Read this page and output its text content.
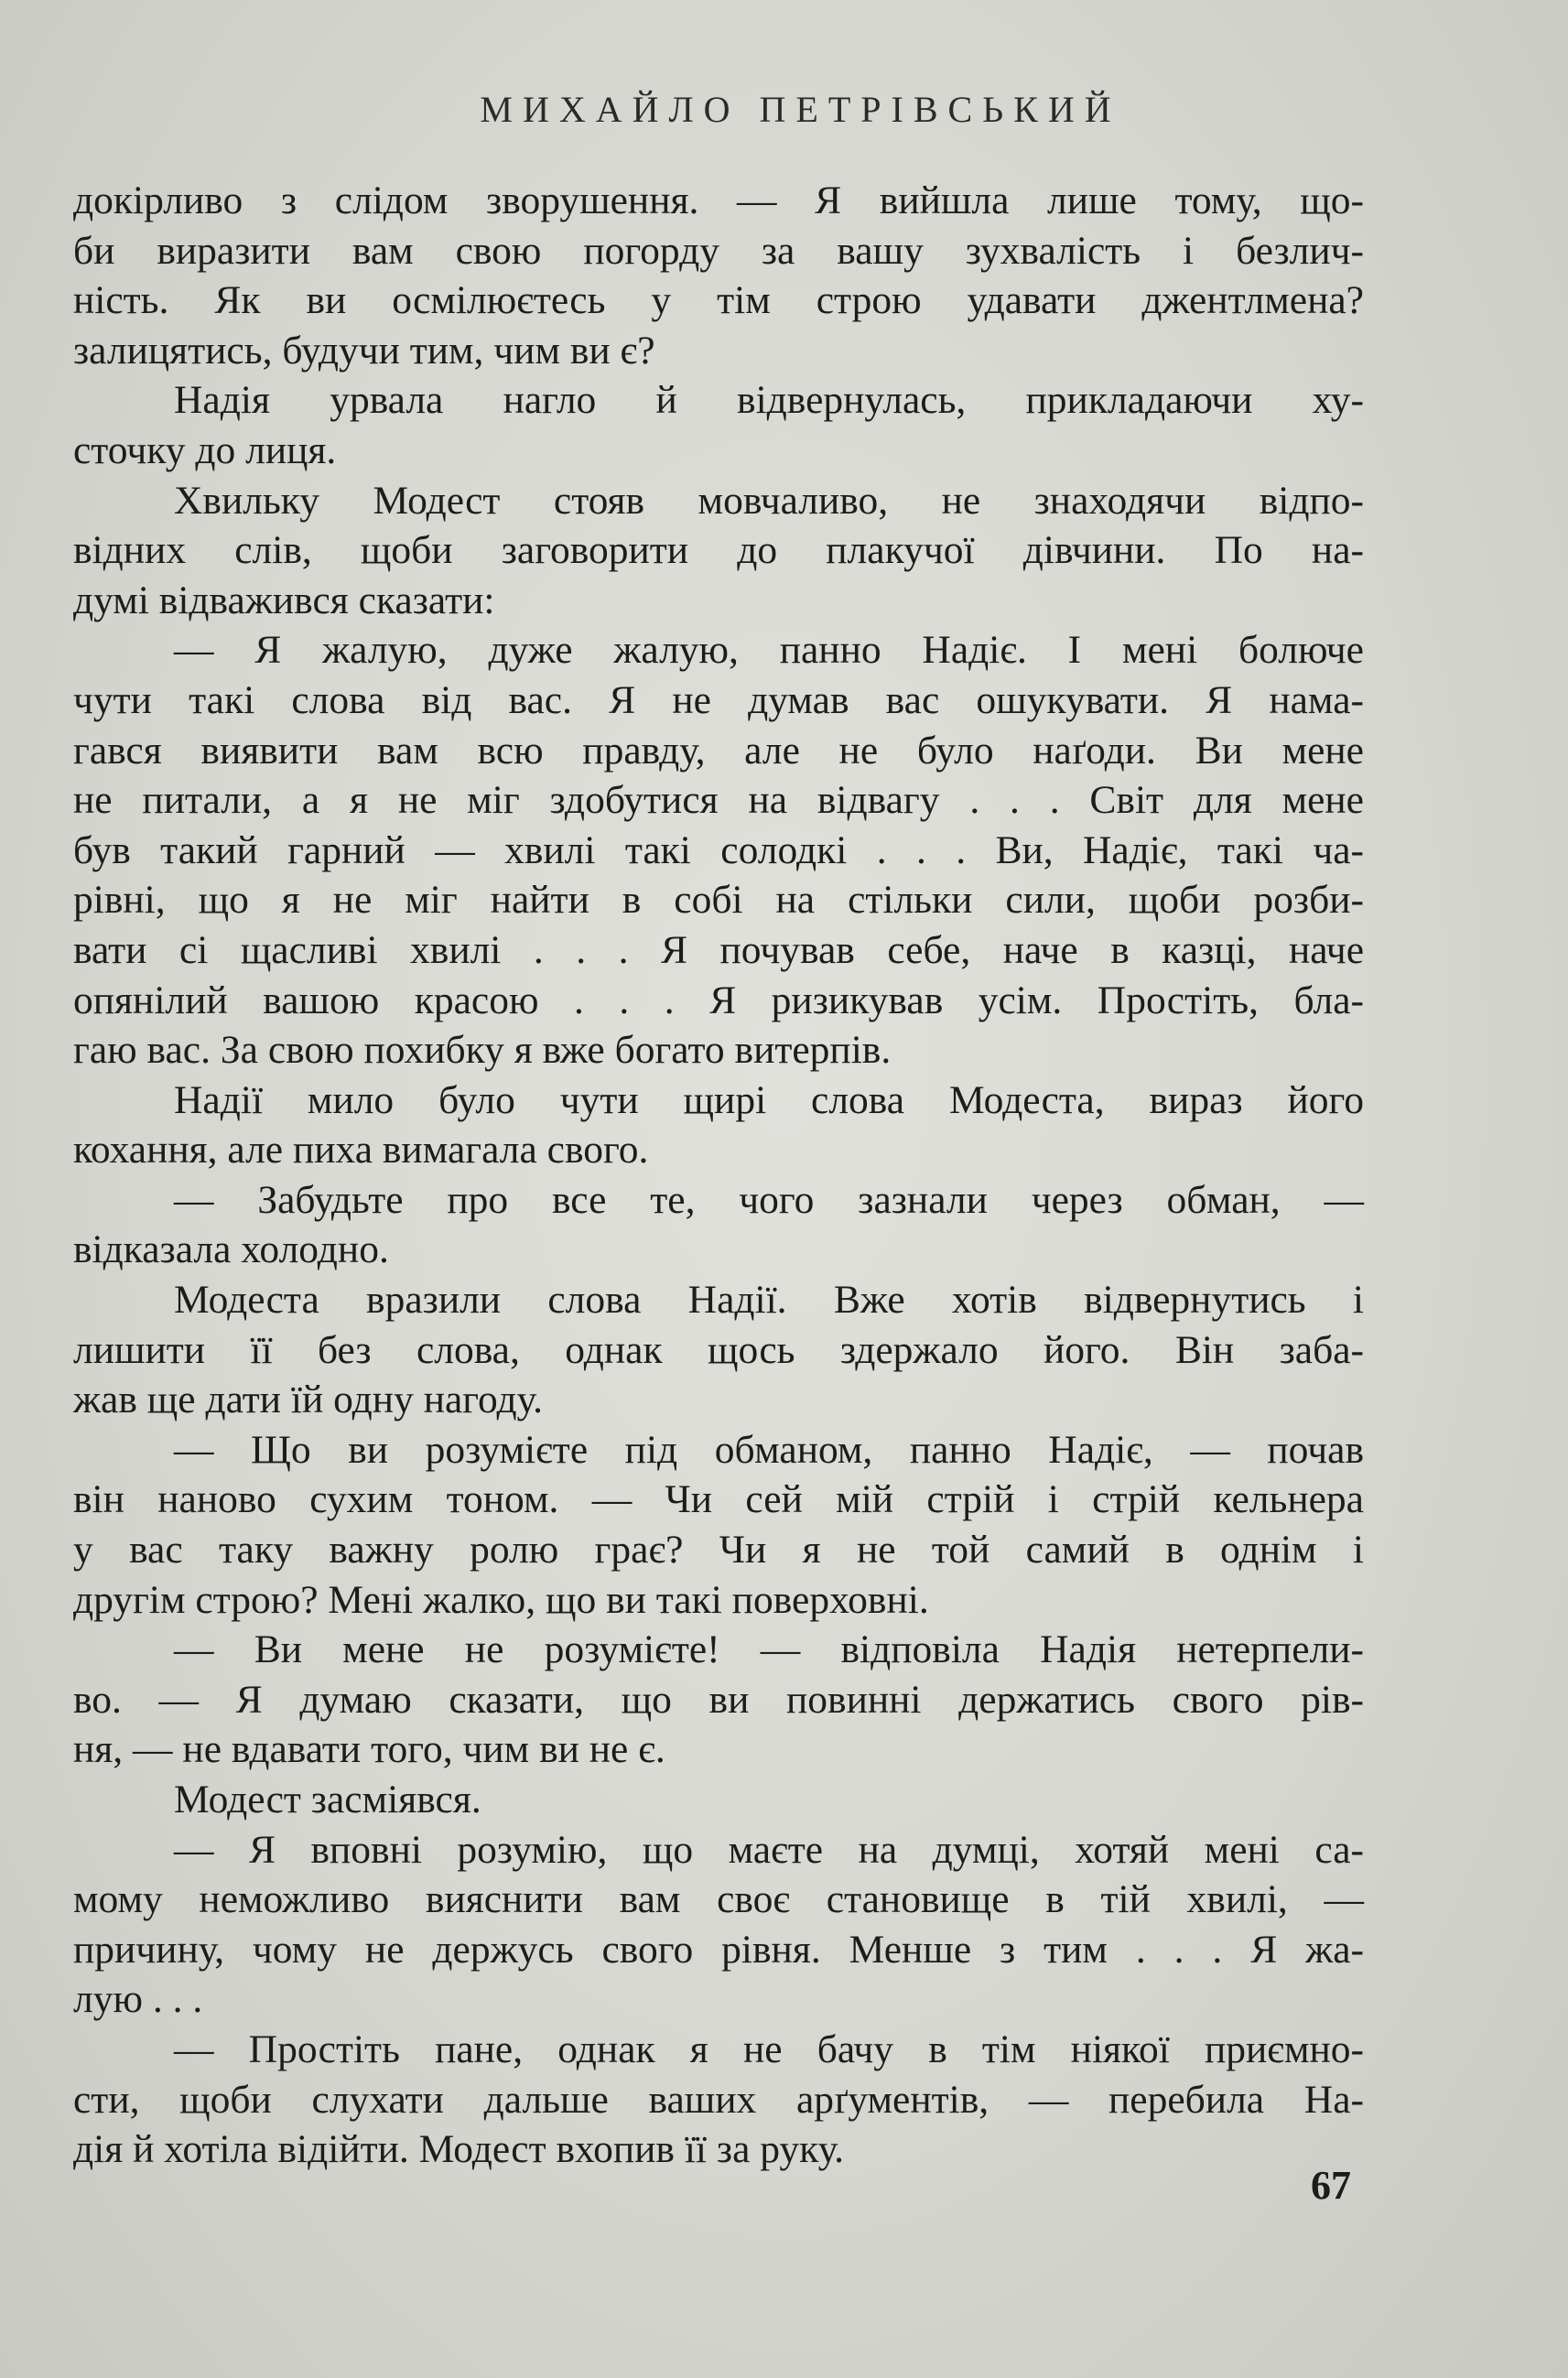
МИХАЙЛО ПЕТРІВСЬКИЙ
докірливо з слідом зворушення. — Я вийшла лише тому, що-
би виразити вам свою погорду за вашу зухвалість і безлич-
ність. Як ви осмілюєтесь у тім строю удавати джентлмена?
залицятись, будучи тим, чим ви є?
Надія урвала нагло й відвернулась, прикладаючи ху-
сточку до лиця.
Хвильку Модест стояв мовчаливо, не знаходячи відпо-
відних слів, щоби заговорити до плакучої дівчини. По на-
думі відважився сказати:
— Я жалую, дуже жалую, панно Надіє. І мені болюче
чути такі слова від вас. Я не думав вас ошукувати. Я нама-
гався виявити вам всю правду, але не було наґоди. Ви мене
не питали, а я не міг здобутися на відвагу . . . Світ для мене
був такий гарний — хвилі такі солодкі . . . Ви, Надіє, такі ча-
рівні, що я не міг найти в собі на стільки сили, щоби розби-
вати сі щасливі хвилі . . . Я почував себе, наче в казці, наче
опянілий вашою красою . . . Я ризикував усім. Простіть, бла-
гаю вас. За свою похибку я вже богато витерпів.
Надії мило було чути щирі слова Модеста, вираз його
кохання, але пиха вимагала свого.
— Забудьте про все те, чого зазнали через обман, —
відказала холодно.
Модеста вразили слова Надії. Вже хотів відвернутись і
лишити її без слова, однак щось здержало його. Він заба-
жав ще дати їй одну нагоду.
— Що ви розумієте під обманом, панно Надіє, — почав
він наново сухим тоном. — Чи сей мій стрій і стрій кельнера
у вас таку важну ролю грає? Чи я не той самий в однім і
другім строю? Мені жалко, що ви такі поверховні.
— Ви мене не розумієте! — відповіла Надія нетерпели-
во. — Я думаю сказати, що ви повинні держатись свого рів-
ня, — не вдавати того, чим ви не є.
Модест засміявся.
— Я вповні розумію, що маєте на думці, хотяй мені са-
мому неможливо вияснити вам своє становище в тій хвилі, —
причину, чому не держусь свого рівня. Менше з тим . . . Я жа-
лую . . .
— Простіть пане, однак я не бачу в тім ніякої приємно-
сти, щоби слухати дальше ваших арґументів, — перебила На-
дія й хотіла відійти. Модест вхопив її за руку.
67
